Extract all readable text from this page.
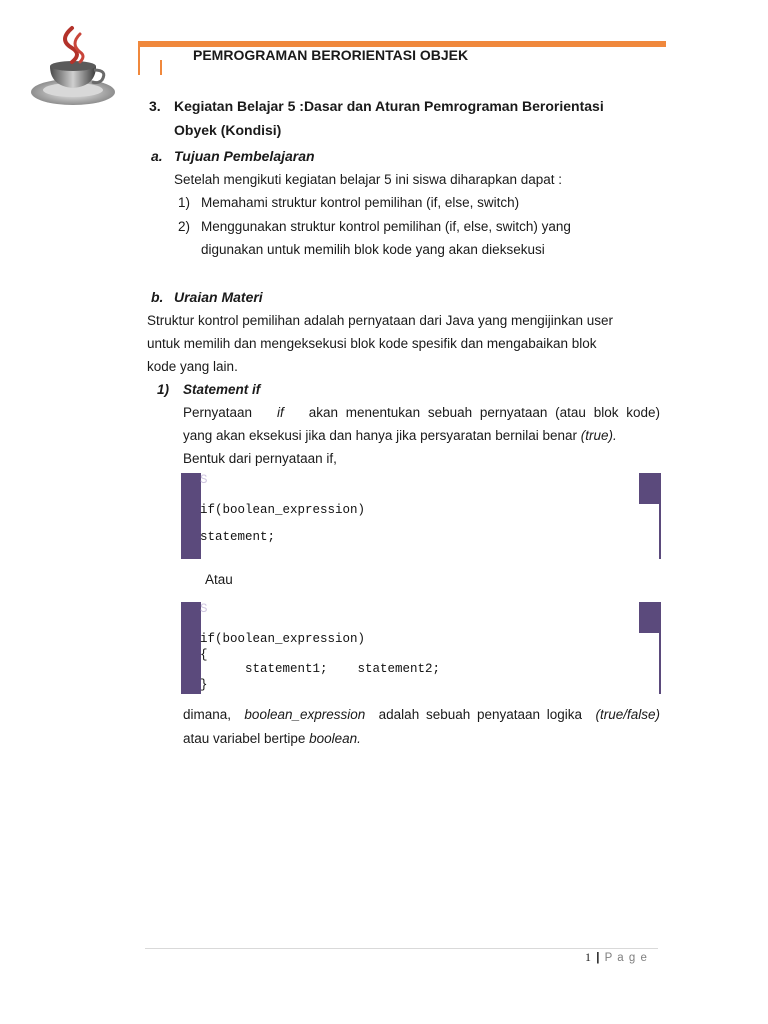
PEMROGRAMAN BERORIENTASI OBJEK
3. Kegiatan Belajar 5 :Dasar dan Aturan Pemrograman Berorientasi
Obyek (Kondisi)
a. Tujuan Pembelajaran
Setelah mengikuti kegiatan belajar 5 ini siswa diharapkan dapat :
1) Memahami struktur kontrol pemilihan (if, else, switch)
2) Menggunakan struktur kontrol pemilihan (if, else, switch) yang
digunakan untuk memilih blok kode yang akan dieksekusi
b. Uraian Materi
Struktur kontrol pemilihan adalah pernyataan dari Java yang mengijinkan user
untuk memilih dan mengeksekusi blok kode spesifik dan mengabaikan blok
kode yang lain.
1) Statement if
Pernyataan if akan menentukan sebuah pernyataan (atau blok kode)
yang akan eksekusi jika dan hanya jika persyaratan bernilai benar (true).
Bentuk dari pernyataan if,
S
if(boolean_expression)
statement;
Atau
S
if(boolean_expression)
{
statement1;    statement2;
}
dimana, boolean_expression adalah sebuah penyataan logika (true/false)
atau variabel bertipe boolean.
1 | P a g e
